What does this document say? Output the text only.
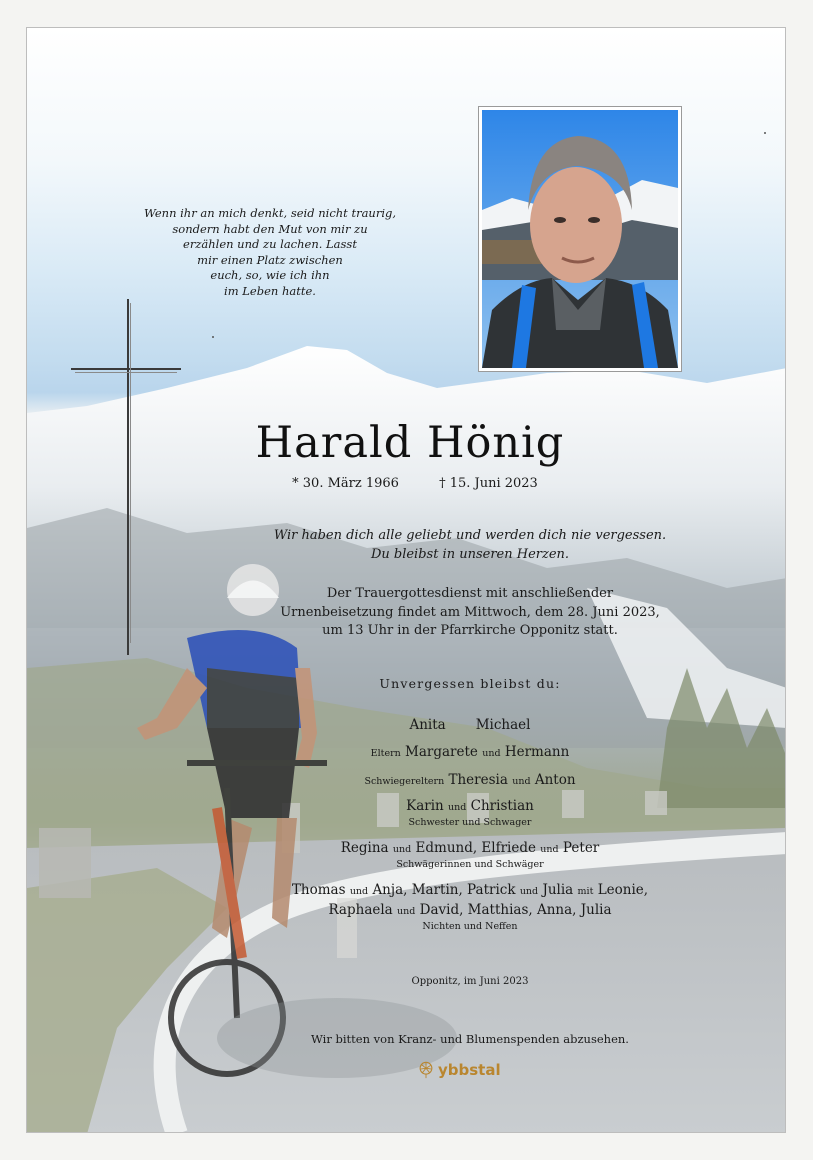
Wenn ihr an mich denkt, seid nicht traurig,
sondern habt den Mut von mir zu
erzählen und zu lachen. Lasst
mir einen Platz zwischen
euch, so, wie ich ihn
im Leben hatte.
Harald Hönig
* 30. März 1966	† 15. Juni 2023
Wir haben dich alle geliebt und werden dich nie vergessen.
Du bleibst in unseren Herzen.
Der Trauergottesdienst mit anschließender
Urnenbeisetzung findet am Mittwoch, dem 28. Juni 2023,
um 13 Uhr in der Pfarrkirche Opponitz statt.
Unvergessen bleibst du:
Anita Michael
Eltern Margarete und Hermann
Schwiegereltern Theresia und Anton
Karin und Christian
Schwester und Schwager
Regina und Edmund, Elfriede und Peter
Schwägerinnen und Schwäger
Thomas und Anja, Martin, Patrick und Julia mit Leonie,
Raphaela und David, Matthias, Anna, Julia
Nichten und Neffen
Opponitz, im Juni 2023
Wir bitten von Kranz- und Blumenspenden abzusehen.
ybbstal
